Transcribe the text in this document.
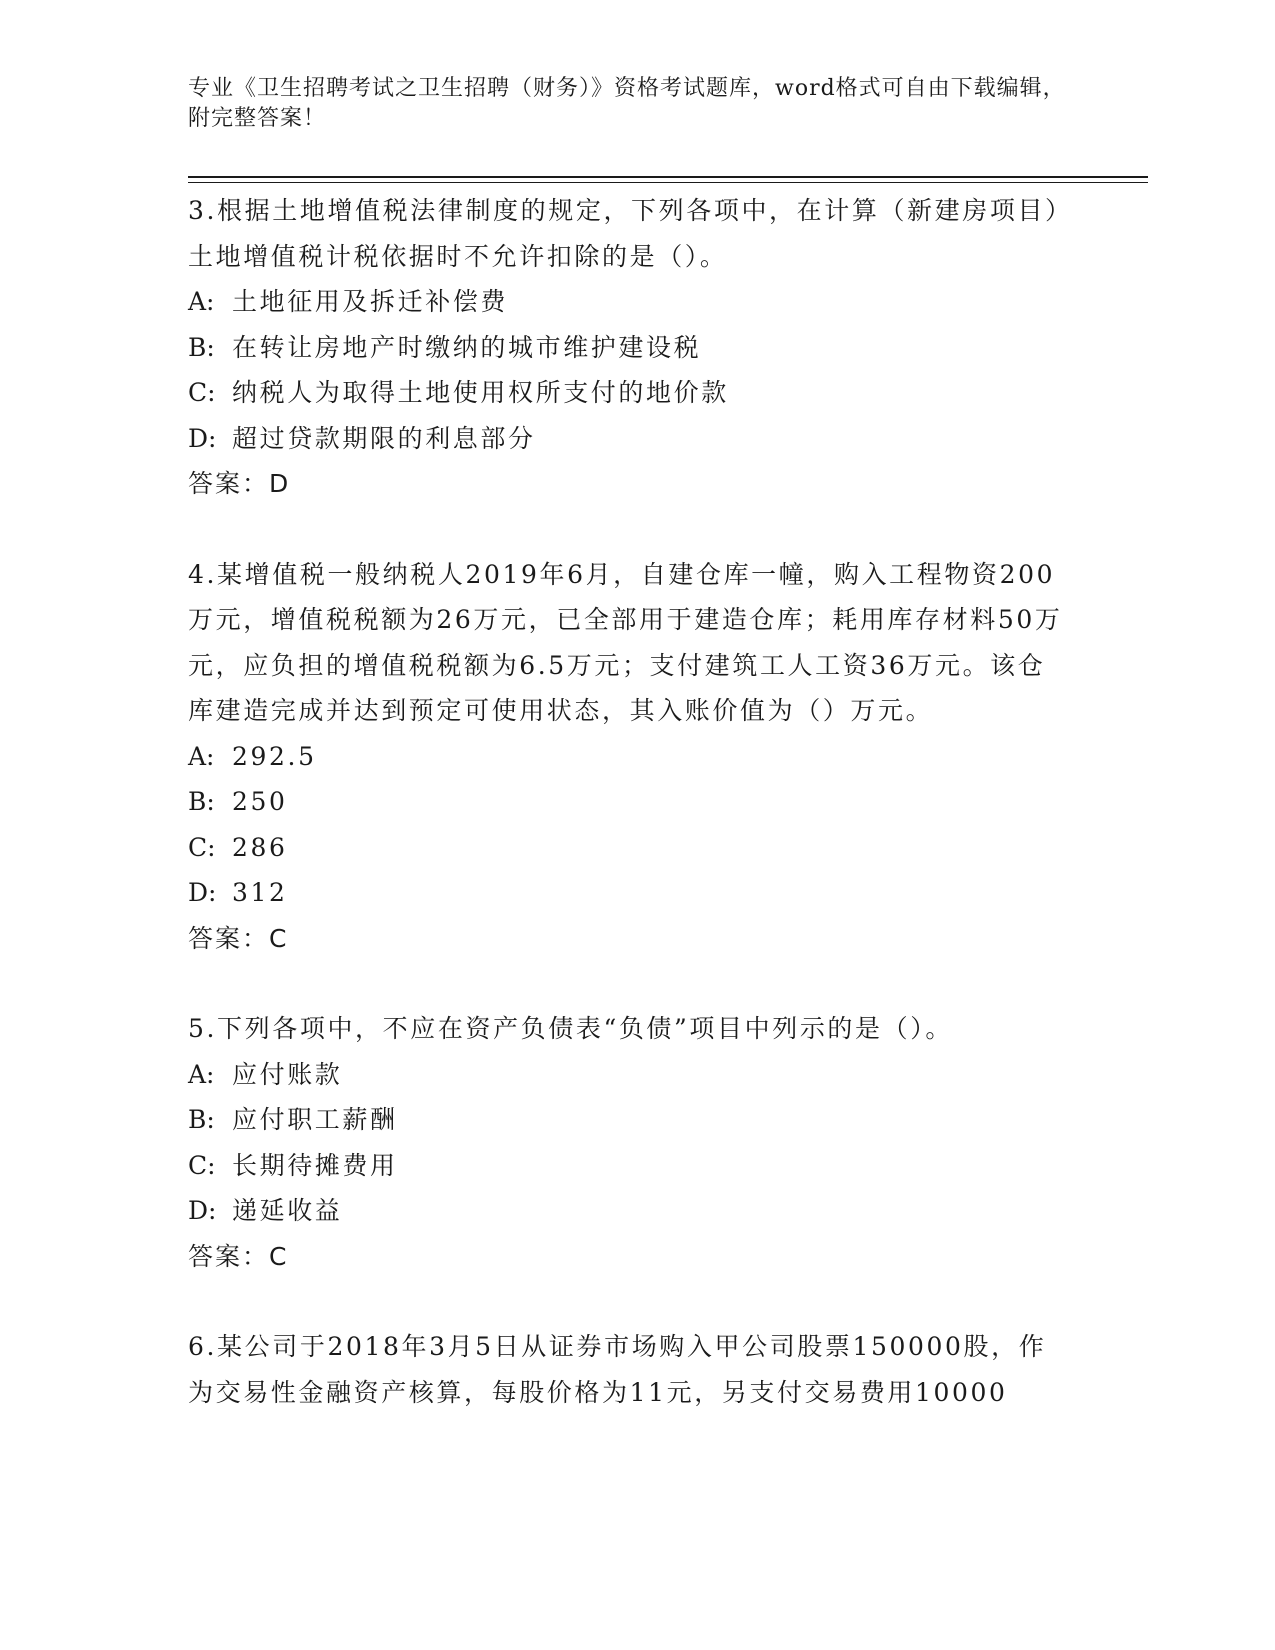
专业《卫生招聘考试之卫生招聘（财务）》资格考试题库，word格式可自由下载编辑，附完整答案！

3.根据土地增值税法律制度的规定，下列各项中，在计算（新建房项目）土地增值税计税依据时不允许扣除的是（）。

A: 土地征用及拆迁补偿费

B: 在转让房地产时缴纳的城市维护建设税

C: 纳税人为取得土地使用权所支付的地价款

D: 超过贷款期限的利息部分

答案：D

4.某增值税一般纳税人2019年6月，自建仓库一幢，购入工程物资200万元，增值税税额为26万元，已全部用于建造仓库；耗用库存材料50万元，应负担的增值税税额为6.5万元；支付建筑工人工资36万元。该仓库建造完成并达到预定可使用状态，其入账价值为（）万元。

A: 292.5

B: 250

C: 286

D: 312

答案：C

5.下列各项中，不应在资产负债表“负债”项目中列示的是（）。

A: 应付账款

B: 应付职工薪酬

C: 长期待摊费用

D: 递延收益

答案：C

6.某公司于2018年3月5日从证券市场购入甲公司股票150000股，作为交易性金融资产核算，每股价格为11元，另支付交易费用10000
